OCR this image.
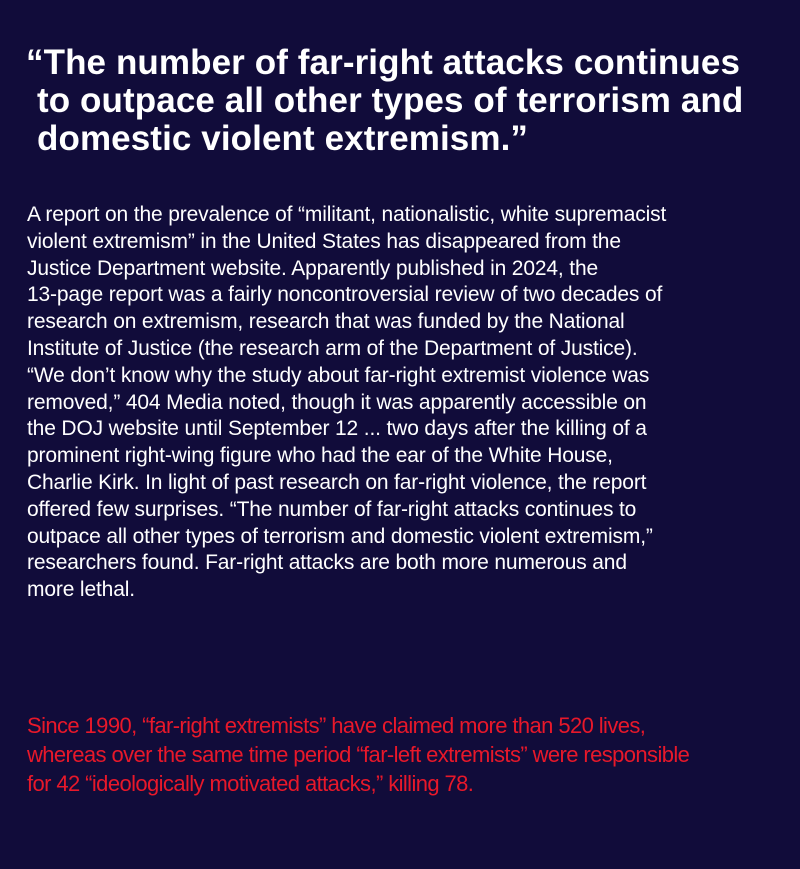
“The number of far-right attacks continues
to outpace all other types of terrorism and
domestic violent extremism.”

A report on the prevalence of “militant, nationalistic, white supremacist
violent extremism” in the United States has disappeared from the
Justice Department website. Apparently published in 2024, the
13-page report was a fairly noncontroversial review of two decades of
research on extremism, research that was funded by the National
Institute of Justice (the research arm of the Department of Justice).
“We don’t know why the study about far-right extremist violence was
removed,” 404 Media noted, though it was apparently accessible on
the DOJ website until September 12 ... two days after the killing of a
prominent right-wing figure who had the ear of the White House,
Charlie Kirk. In light of past research on far-right violence, the report
offered few surprises. “The number of far-right attacks continues to
outpace all other types of terrorism and domestic violent extremism,”
researchers found. Far-right attacks are both more numerous and
more lethal.

Since 1990, “far-right extremists” have claimed more than 520 lives,
whereas over the same time period “far-left extremists” were responsible
for 42 “ideologically motivated attacks,” killing 78.
